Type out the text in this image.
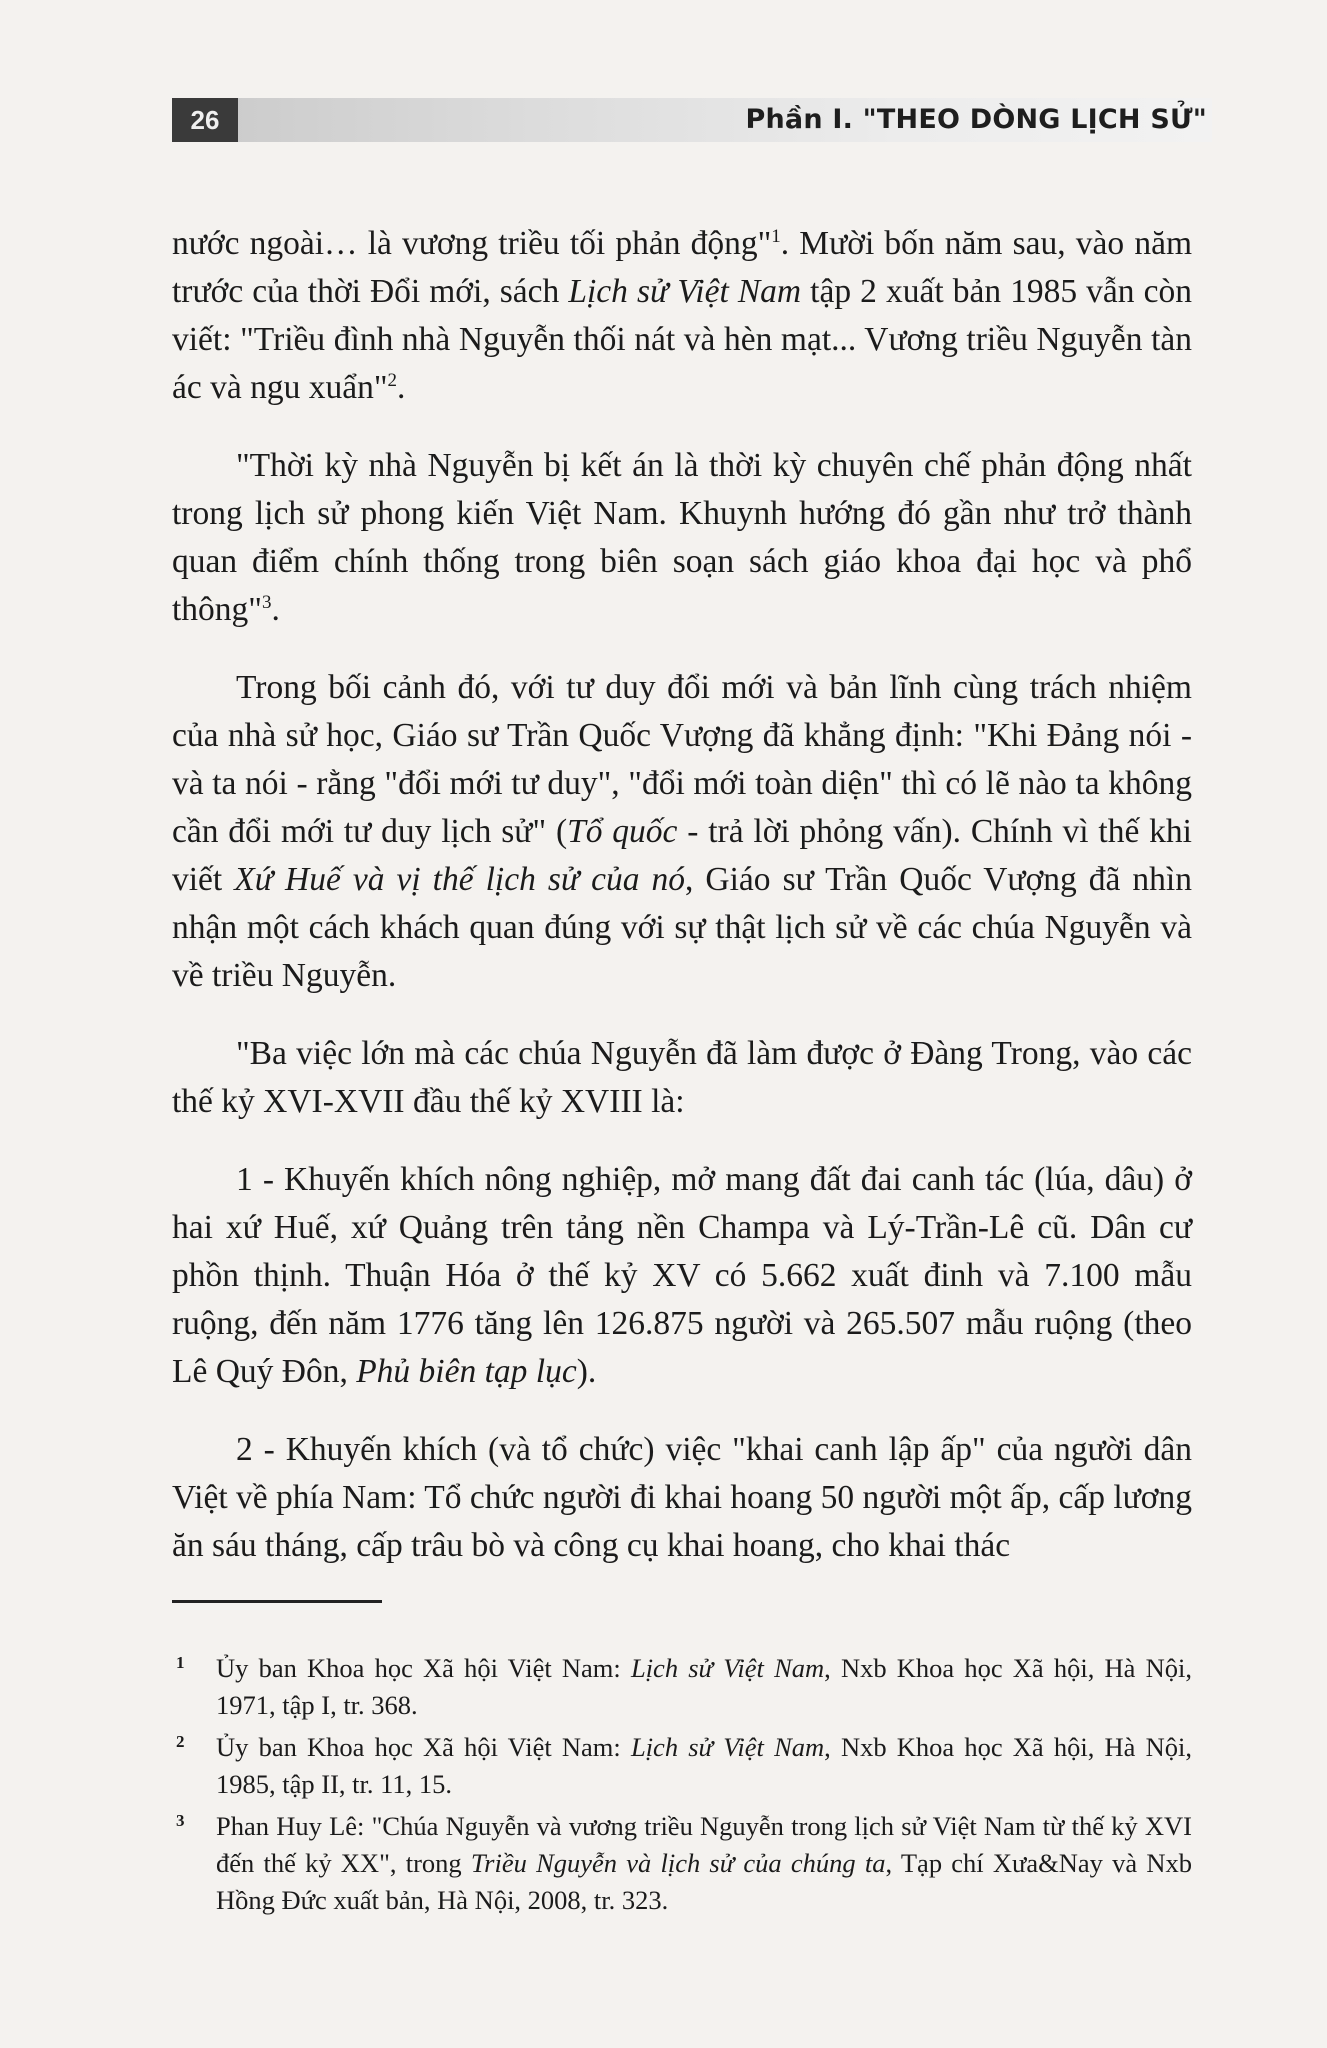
26	Phần I. "THEO DÒNG LỊCH SỬ"

nước ngoài… là vương triều tối phản động"$^1$. Mười bốn năm sau, vào năm trước của thời Đổi mới, sách Lịch sử Việt Nam tập 2 xuất bản 1985 vẫn còn viết: "Triều đình nhà Nguyễn thối nát và hèn mạt... Vương triều Nguyễn tàn ác và ngu xuẩn"$^2$.

"Thời kỳ nhà Nguyễn bị kết án là thời kỳ chuyên chế phản động nhất trong lịch sử phong kiến Việt Nam. Khuynh hướng đó gần như trở thành quan điểm chính thống trong biên soạn sách giáo khoa đại học và phổ thông"$^3$.

Trong bối cảnh đó, với tư duy đổi mới và bản lĩnh cùng trách nhiệm của nhà sử học, Giáo sư Trần Quốc Vượng đã khẳng định: "Khi Đảng nói - và ta nói - rằng "đổi mới tư duy", "đổi mới toàn diện" thì có lẽ nào ta không cần đổi mới tư duy lịch sử" (Tổ quốc - trả lời phỏng vấn). Chính vì thế khi viết Xứ Huế và vị thế lịch sử của nó, Giáo sư Trần Quốc Vượng đã nhìn nhận một cách khách quan đúng với sự thật lịch sử về các chúa Nguyễn và về triều Nguyễn.

"Ba việc lớn mà các chúa Nguyễn đã làm được ở Đàng Trong, vào các thế kỷ XVI-XVII đầu thế kỷ XVIII là:

1 - Khuyến khích nông nghiệp, mở mang đất đai canh tác (lúa, dâu) ở hai xứ Huế, xứ Quảng trên tảng nền Champa và Lý-Trần-Lê cũ. Dân cư phồn thịnh. Thuận Hóa ở thế kỷ XV có 5.662 xuất đinh và 7.100 mẫu ruộng, đến năm 1776 tăng lên 126.875 người và 265.507 mẫu ruộng (theo Lê Quý Đôn, Phủ biên tạp lục).

2 - Khuyến khích (và tổ chức) việc "khai canh lập ấp" của người dân Việt về phía Nam: Tổ chức người đi khai hoang 50 người một ấp, cấp lương ăn sáu tháng, cấp trâu bò và công cụ khai hoang, cho khai thác

1 Ủy ban Khoa học Xã hội Việt Nam: Lịch sử Việt Nam, Nxb Khoa học Xã hội, Hà Nội, 1971, tập I, tr. 368.
2 Ủy ban Khoa học Xã hội Việt Nam: Lịch sử Việt Nam, Nxb Khoa học Xã hội, Hà Nội, 1985, tập II, tr. 11, 15.
3 Phan Huy Lê: "Chúa Nguyễn và vương triều Nguyễn trong lịch sử Việt Nam từ thế kỷ XVI đến thế kỷ XX", trong Triều Nguyễn và lịch sử của chúng ta, Tạp chí Xưa&Nay và Nxb Hồng Đức xuất bản, Hà Nội, 2008, tr. 323.
